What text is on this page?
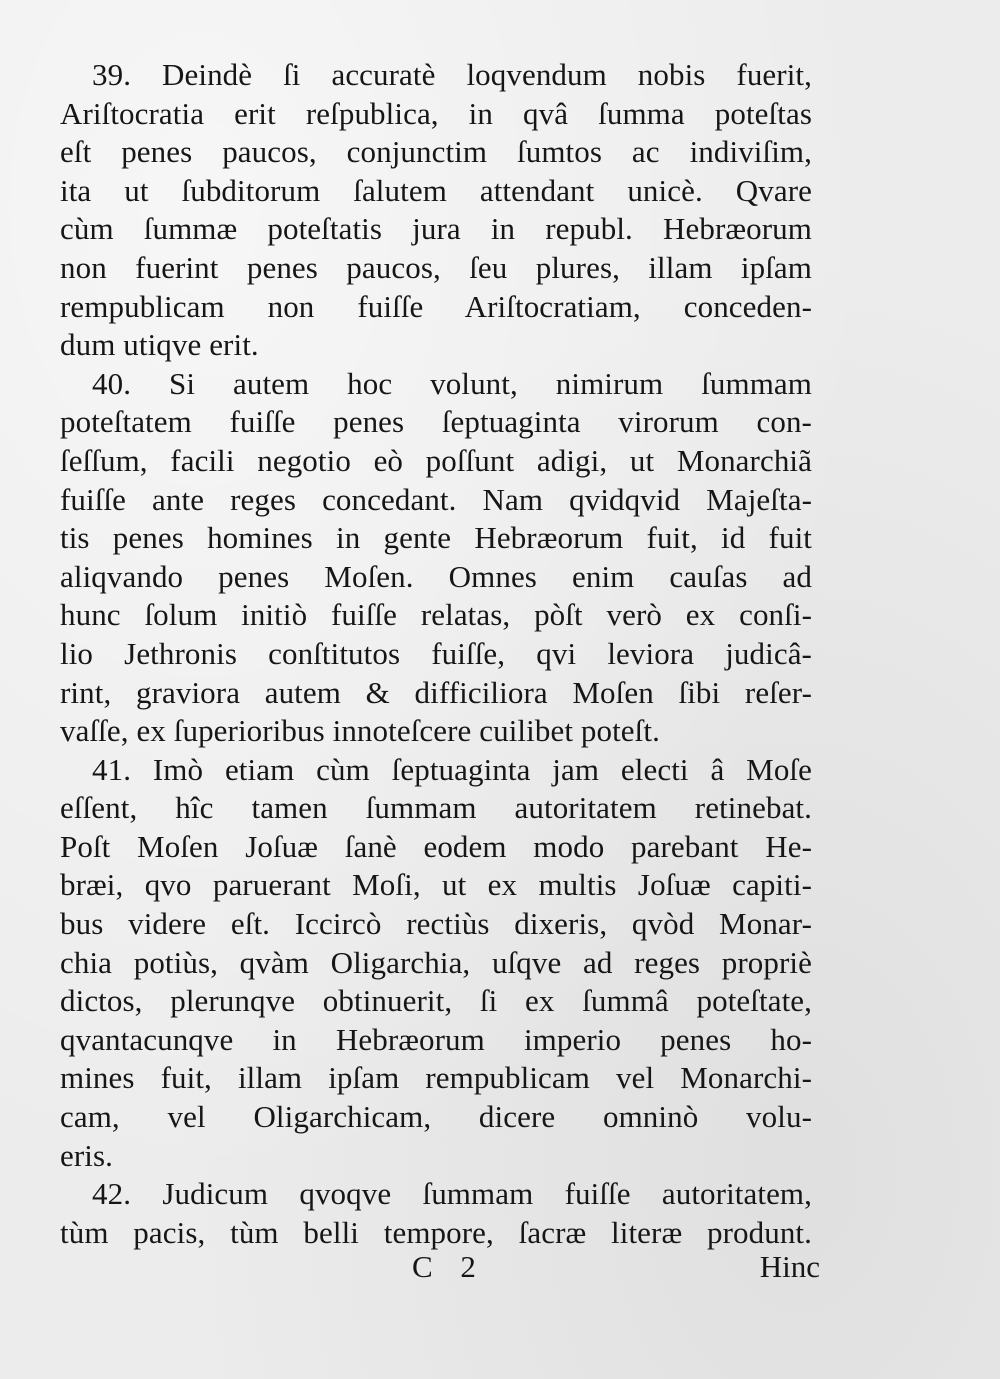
39. Deindè ſi accuratè loqvendum nobis fuerit,
Ariſtocratia erit reſpublica, in qvâ ſumma poteſtas
eſt penes paucos, conjunctim ſumtos ac indiviſim,
ita ut ſubditorum ſalutem attendant unicè. Qvare
cùm ſummæ poteſtatis jura in republ. Hebræorum
non fuerint penes paucos, ſeu plures, illam ipſam
rempublicam non fuiſſe Ariſtocratiam, conceden-
dum utiqve erit.
40. Si autem hoc volunt, nimirum ſummam
poteſtatem fuiſſe penes ſeptuaginta virorum con-
ſeſſum, facili negotio eò poſſunt adigi, ut Monarchiã
fuiſſe ante reges concedant. Nam qvidqvid Majeſta-
tis penes homines in gente Hebræorum fuit, id fuit
aliqvando penes Moſen. Omnes enim cauſas ad
hunc ſolum initiò fuiſſe relatas, pòſt verò ex conſi-
lio Jethronis conſtitutos fuiſſe, qvi leviora judicâ-
rint, graviora autem & difficiliora Moſen ſibi reſer-
vaſſe, ex ſuperioribus innoteſcere cuilibet poteſt.
41. Imò etiam cùm ſeptuaginta jam electi â Moſe
eſſent, hîc tamen ſummam autoritatem retinebat.
Poſt Moſen Joſuæ ſanè eodem modo parebant He-
bræi, qvo paruerant Moſi, ut ex multis Joſuæ capiti-
bus videre eſt. Iccircò rectiùs dixeris, qvòd Monar-
chia potiùs, qvàm Oligarchia, uſqve ad reges propriè
dictos, plerunqve obtinuerit, ſi ex ſummâ poteſtate,
qvantacunqve in Hebræorum imperio penes ho-
mines fuit, illam ipſam rempublicam vel Monarchi-
cam, vel Oligarchicam, dicere omninò volu-
eris.
42. Judicum qvoqve ſummam fuiſſe autoritatem,
tùm pacis, tùm belli tempore, ſacræ literæ produnt.
C 2	Hinc
